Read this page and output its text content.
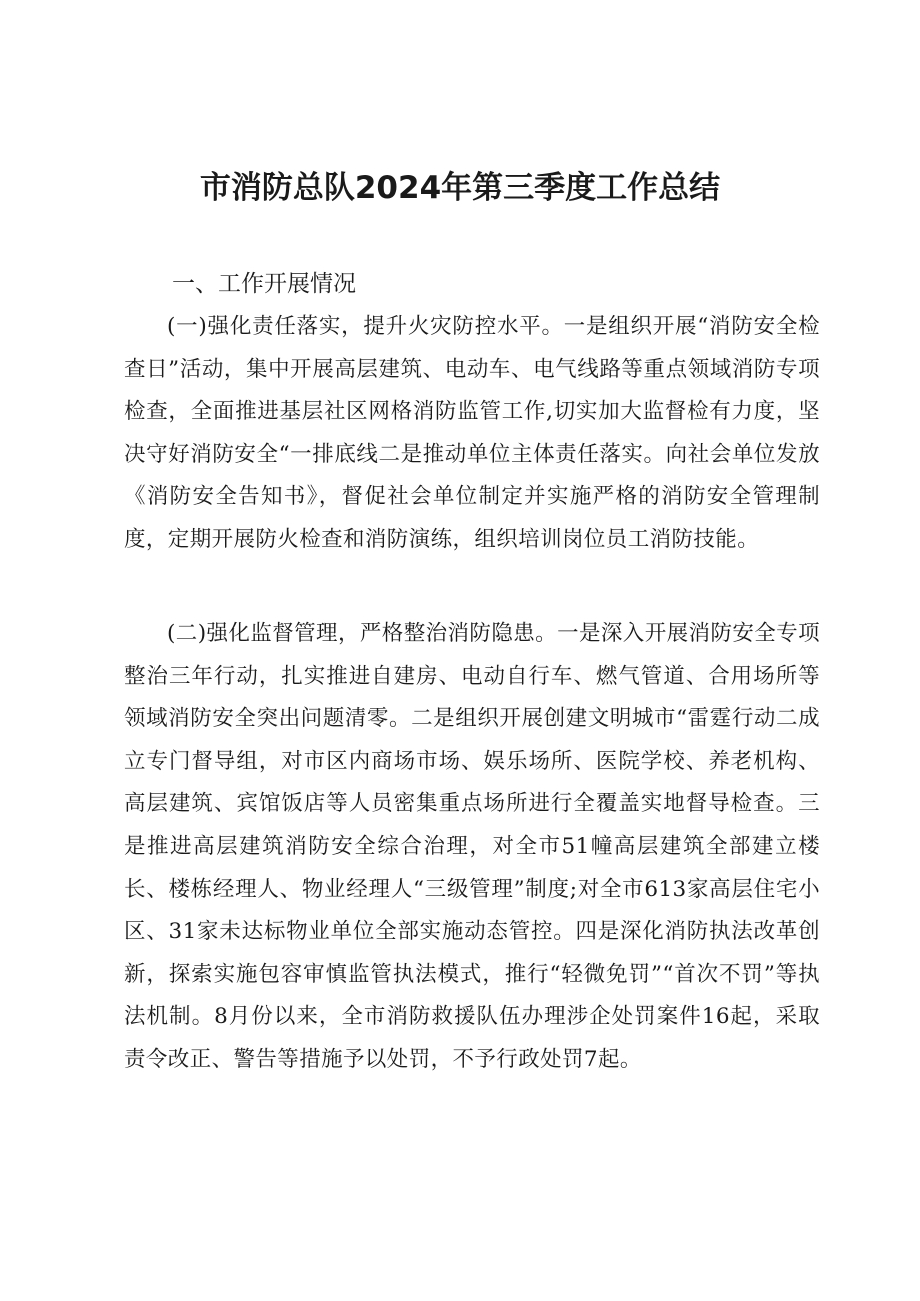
市消防总队2024年第三季度工作总结
一、工作开展情况

(一)强化责任落实，提升火灾防控水平。一是组织开展“消防安全检查日”活动，集中开展高层建筑、电动车、电气线路等重点领域消防专项检查，全面推进基层社区网格消防监管工作,切实加大监督检有力度，坚决守好消防安全“一排底线二是推动单位主体责任落实。向社会单位发放《消防安全告知书》，督促社会单位制定并实施严格的消防安全管理制度，定期开展防火检查和消防演练，组织培训岗位员工消防技能。

(二)强化监督管理，严格整治消防隐患。一是深入开展消防安全专项整治三年行动，扎实推进自建房、电动自行车、燃气管道、合用场所等领域消防安全突出问题清零。二是组织开展创建文明城市“雷霆行动二成立专门督导组，对市区内商场市场、娱乐场所、医院学校、养老机构、高层建筑、宾馆饭店等人员密集重点场所进行全覆盖实地督导检查。三是推进高层建筑消防安全综合治理，对全市51幢高层建筑全部建立楼长、楼栋经理人、物业经理人“三级管理”制度;对全市613家高层住宅小区、31家未达标物业单位全部实施动态管控。四是深化消防执法改革创新，探索实施包容审慎监管执法模式，推行“轻微免罚”“首次不罚”等执法机制。8月份以来，全市消防救援队伍办理涉企处罚案件16起，采取责令改正、警告等措施予以处罚，不予行政处罚7起。
